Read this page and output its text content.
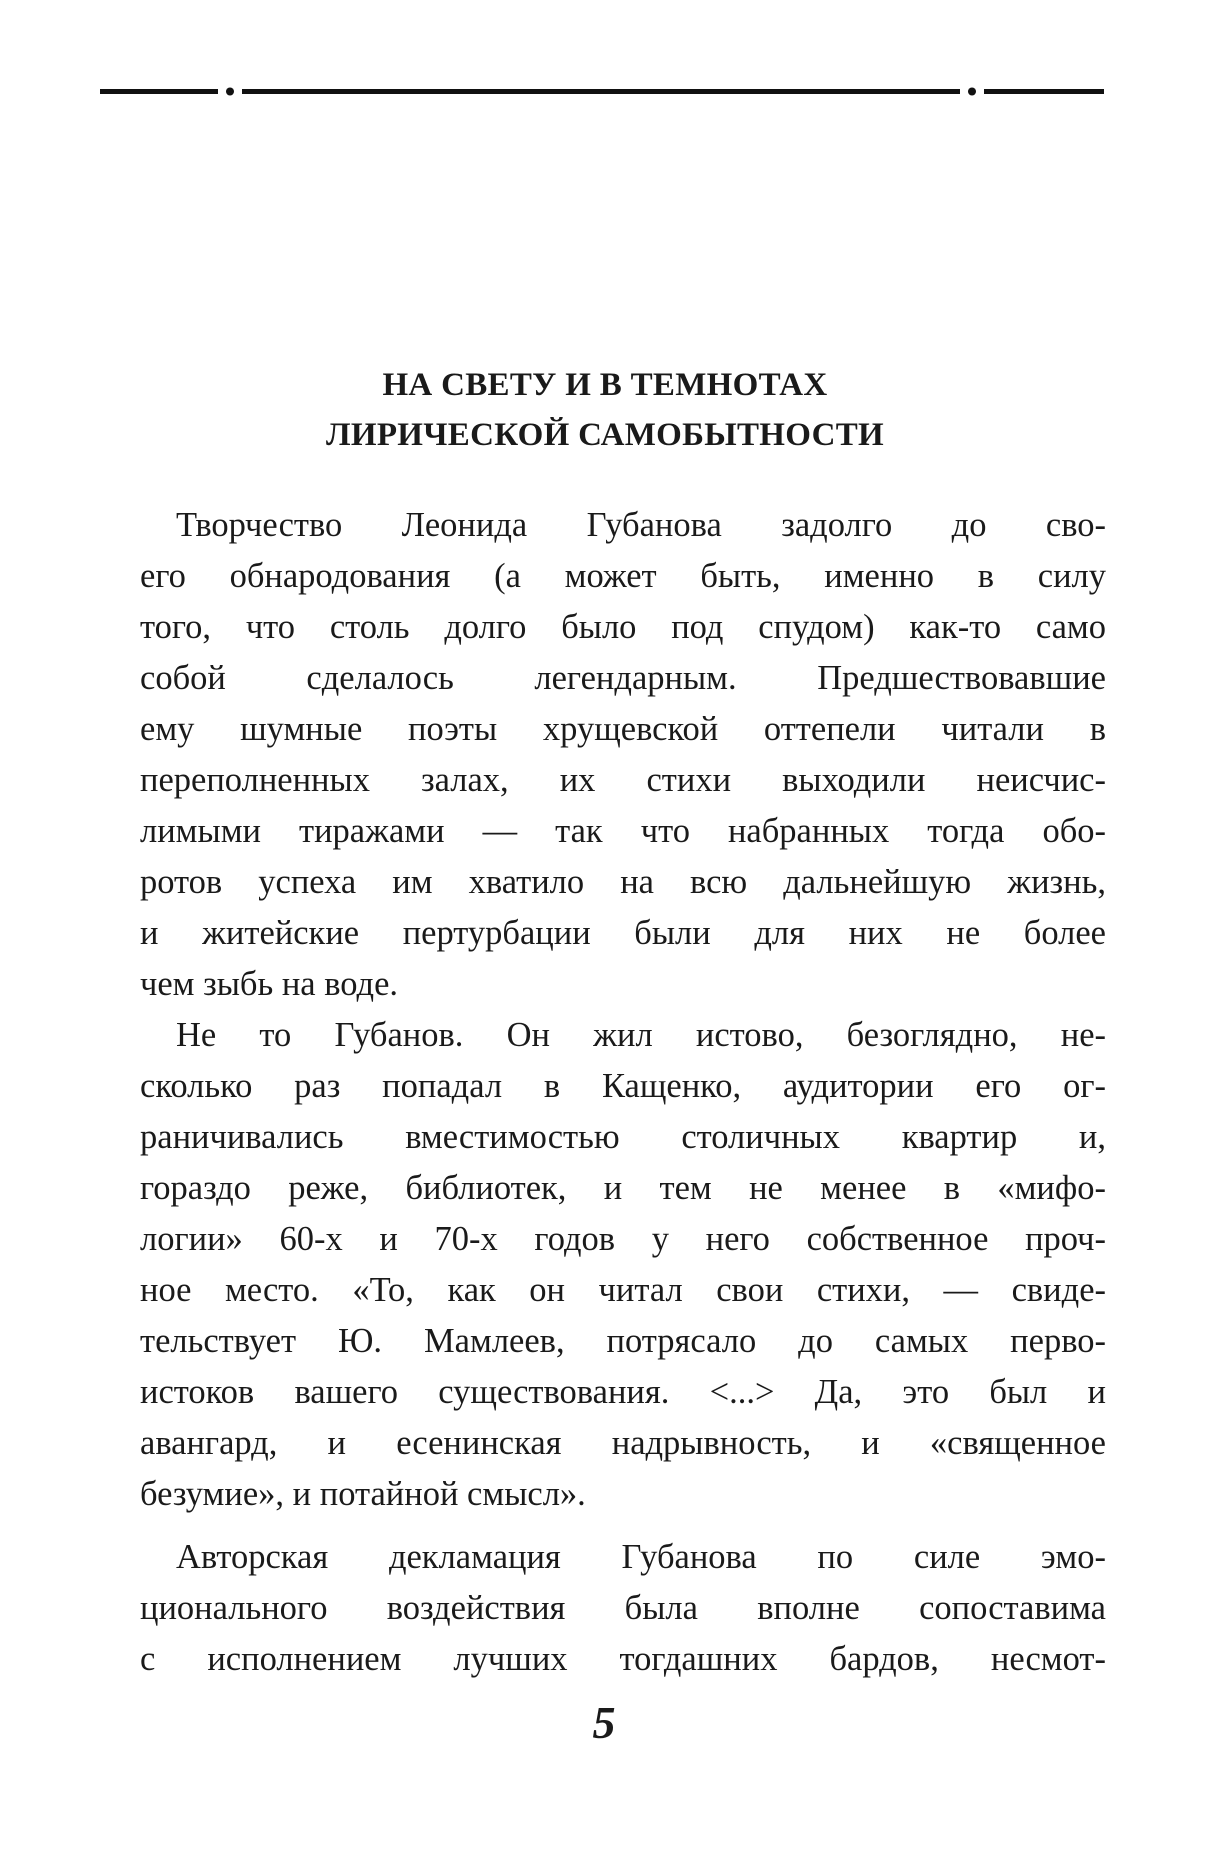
НА СВЕТУ И В ТЕМНОТАХ
ЛИРИЧЕСКОЙ САМОБЫТНОСТИ

Творчество Леонида Губанова задолго до сво-
его обнародования (а может быть, именно в силу
того, что столь долго было под спудом) как-то само
собой сделалось легендарным. Предшествовавшие
ему шумные поэты хрущевской оттепели читали в
переполненных залах, их стихи выходили неисчис-
лимыми тиражами — так что набранных тогда обо-
ротов успеха им хватило на всю дальнейшую жизнь,
и житейские пертурбации были для них не более
чем зыбь на воде.

Не то Губанов. Он жил истово, безоглядно, не-
сколько раз попадал в Кащенко, аудитории его ог-
раничивались вместимостью столичных квартир и,
гораздо реже, библиотек, и тем не менее в «мифо-
логии» 60-х и 70-х годов у него собственное проч-
ное место. «То, как он читал свои стихи, — свиде-
тельствует Ю. Мамлеев, потрясало до самых перво-
истоков вашего существования. <...> Да, это был и
авангард, и есенинская надрывность, и «священное
безумие», и потайной смысл».

Авторская декламация Губанова по силе эмо-
ционального воздействия была вполне сопоставима
с исполнением лучших тогдашних бардов, несмот-

5
